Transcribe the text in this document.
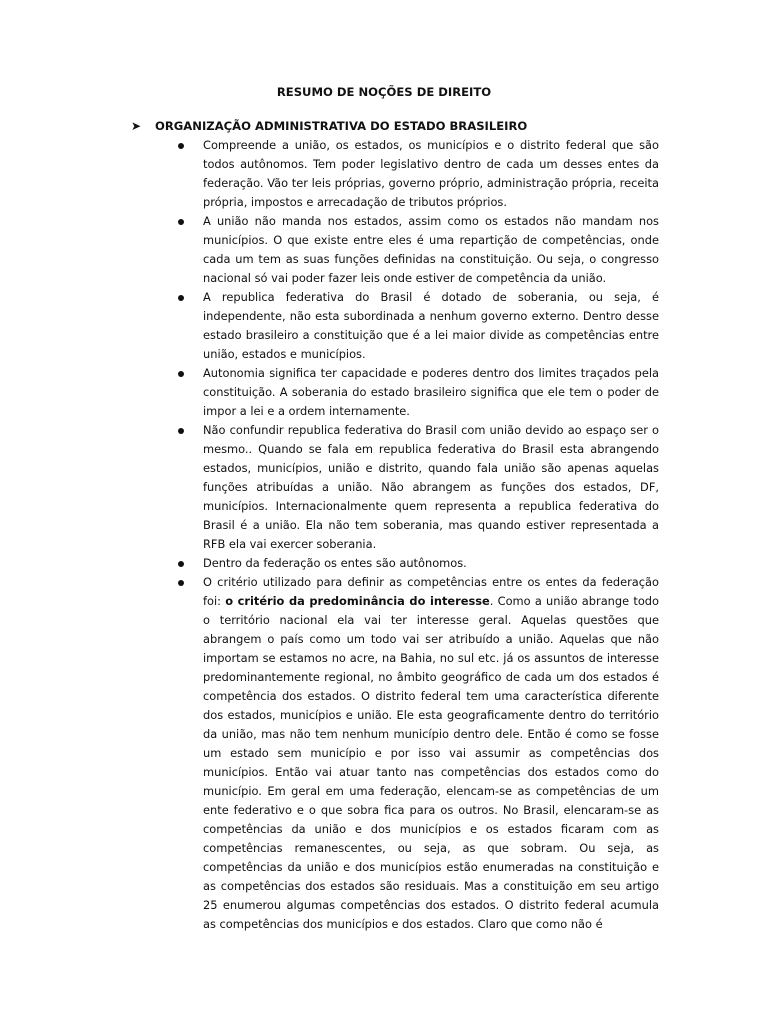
RESUMO DE NOÇÕES DE DIREITO
➤	ORGANIZAÇÃO ADMINISTRATIVA DO ESTADO BRASILEIRO
Compreende a união, os estados, os municípios e o distrito federal que são todos autônomos. Tem poder legislativo dentro de cada um desses entes da federação. Vão ter leis próprias, governo próprio, administração própria, receita própria, impostos e arrecadação de tributos próprios.
A união não manda nos estados, assim como os estados não mandam nos municípios. O que existe entre eles é uma repartição de competências, onde cada um tem as suas funções definidas na constituição. Ou seja, o congresso nacional só vai poder fazer leis onde estiver de competência da união.
A republica federativa do Brasil é dotado de soberania, ou seja, é independente, não esta subordinada a nenhum governo externo. Dentro desse estado brasileiro a constituição que é a lei maior divide as competências entre união, estados e municípios.
Autonomia significa ter capacidade e poderes dentro dos limites traçados pela constituição. A soberania do estado brasileiro significa que ele tem o poder de impor a lei e a ordem internamente.
Não confundir republica federativa do Brasil com união devido ao espaço ser o mesmo.. Quando se fala em republica federativa do Brasil esta abrangendo estados, municípios, união e distrito, quando fala união são apenas aquelas funções atribuídas a união. Não abrangem as funções dos estados, DF, municípios. Internacionalmente quem representa a republica federativa do Brasil é a união. Ela não tem soberania, mas quando estiver representada a RFB ela vai exercer soberania.
Dentro da federação os entes são autônomos.
O critério utilizado para definir as competências entre os entes da federação foi: o critério da predominância do interesse. Como a união abrange todo o território nacional ela vai ter interesse geral. Aquelas questões que abrangem o país como um todo vai ser atribuído a união. Aquelas que não importam se estamos no acre, na Bahia, no sul etc. já os assuntos de interesse predominantemente regional, no âmbito geográfico de cada um dos estados é competência dos estados. O distrito federal tem uma característica diferente dos estados, municípios e união. Ele esta geograficamente dentro do território da união, mas não tem nenhum município dentro dele. Então é como se fosse um estado sem município e por isso vai assumir as competências dos municípios. Então vai atuar tanto nas competências dos estados como do município. Em geral em uma federação, elencam-se as competências de um ente federativo e o que sobra fica para os outros. No Brasil, elencaram-se as competências da união e dos municípios e os estados ficaram com as competências remanescentes, ou seja, as que sobram. Ou seja, as competências da união e dos municípios estão enumeradas na constituição e as competências dos estados são residuais. Mas a constituição em seu artigo 25 enumerou algumas competências dos estados. O distrito federal acumula as competências dos municípios e dos estados. Claro que como não é
